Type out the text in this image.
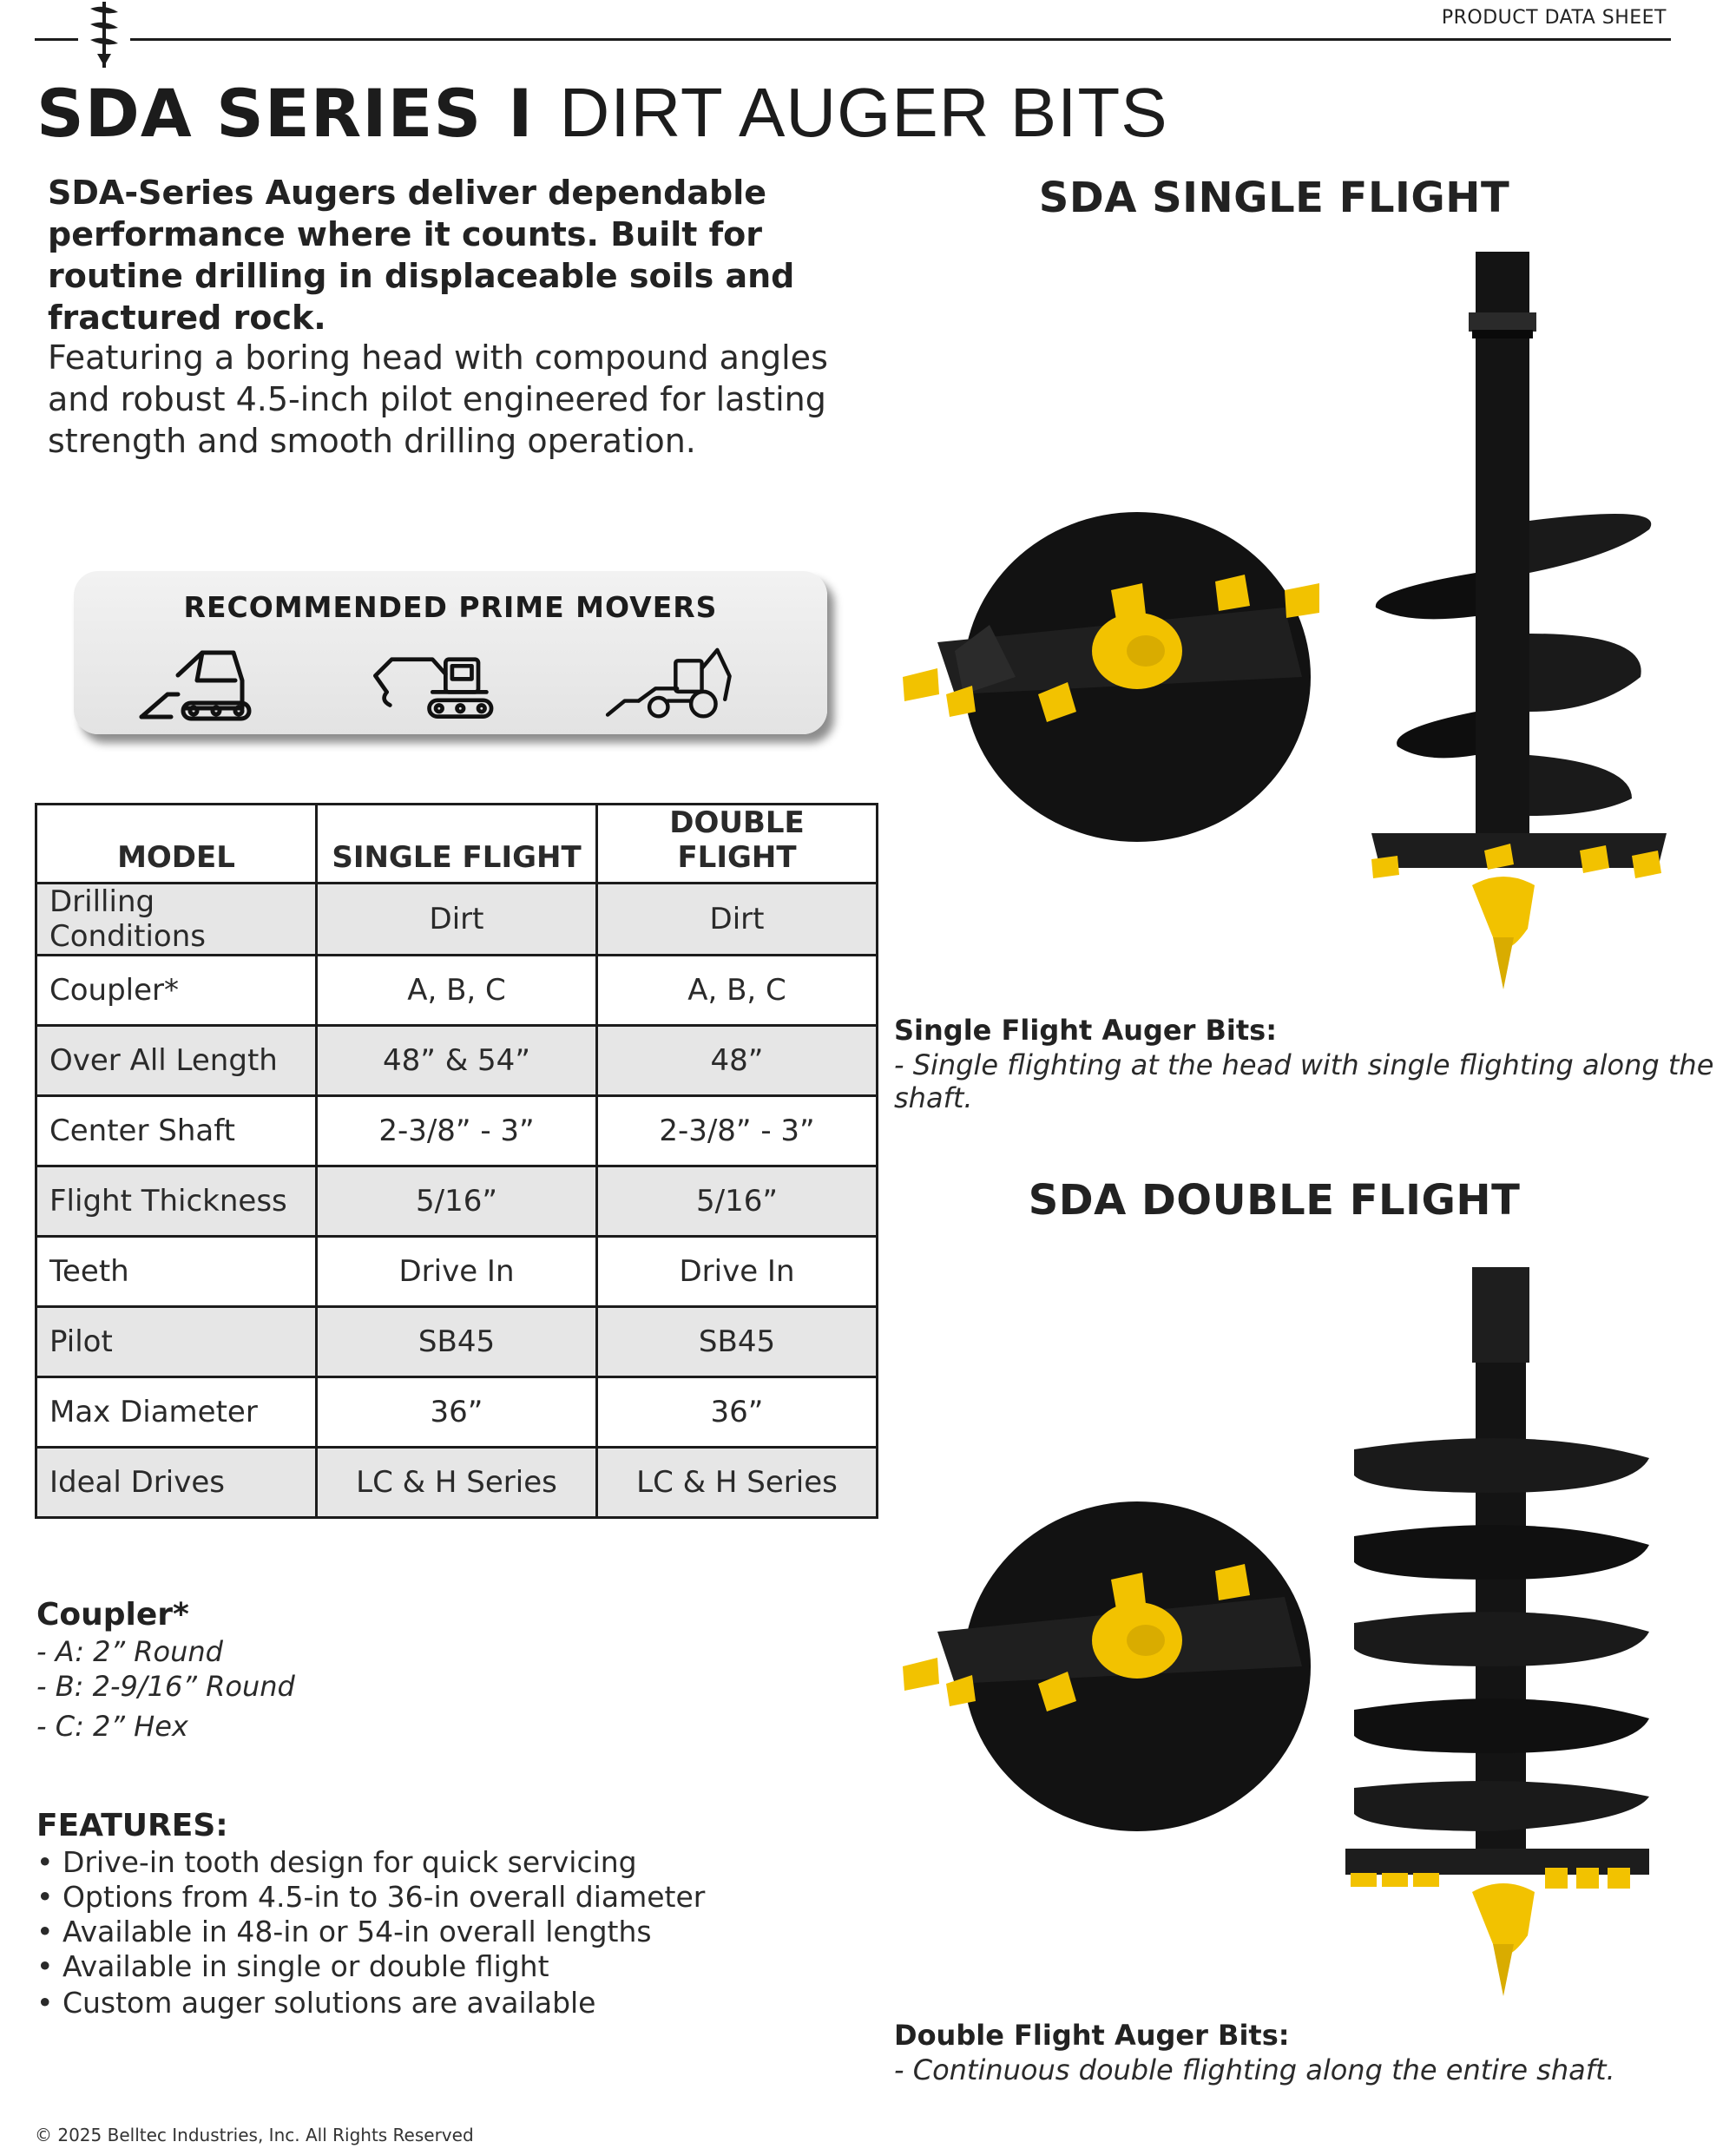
PRODUCT DATA SHEET
SDA SERIES I DIRT AUGER BITS
SDA-Series Augers deliver dependable performance where it counts. Built for routine drilling in displaceable soils and fractured rock.
Featuring a boring head with compound angles and robust 4.5-inch pilot engineered for lasting strength and smooth drilling operation.
RECOMMENDED PRIME MOVERS
MODEL	SINGLE FLIGHT	DOUBLE FLIGHT
Drilling Conditions	Dirt	Dirt
Coupler*	A, B, C	A, B, C
Over All Length	48” & 54”	48”
Center Shaft	2-3/8” - 3”	2-3/8” - 3”
Flight Thickness	5/16”	5/16”
Teeth	Drive In	Drive In
Pilot	SB45	SB45
Max Diameter	36”	36”
Ideal Drives	LC & H Series	LC & H Series
Coupler*
- A: 2” Round
- B: 2-9/16” Round
- C: 2” Hex
FEATURES:
• Drive-in tooth design for quick servicing
• Options from 4.5-in to 36-in overall diameter
• Available in 48-in or 54-in overall lengths
• Available in single or double flight
• Custom auger solutions are available
© 2025 Belltec Industries, Inc. All Rights Reserved
SDA SINGLE FLIGHT
Single Flight Auger Bits:
- Single flighting at the head with single flighting along the shaft.
SDA DOUBLE FLIGHT
Double Flight Auger Bits:
- Continuous double flighting along the entire shaft.
